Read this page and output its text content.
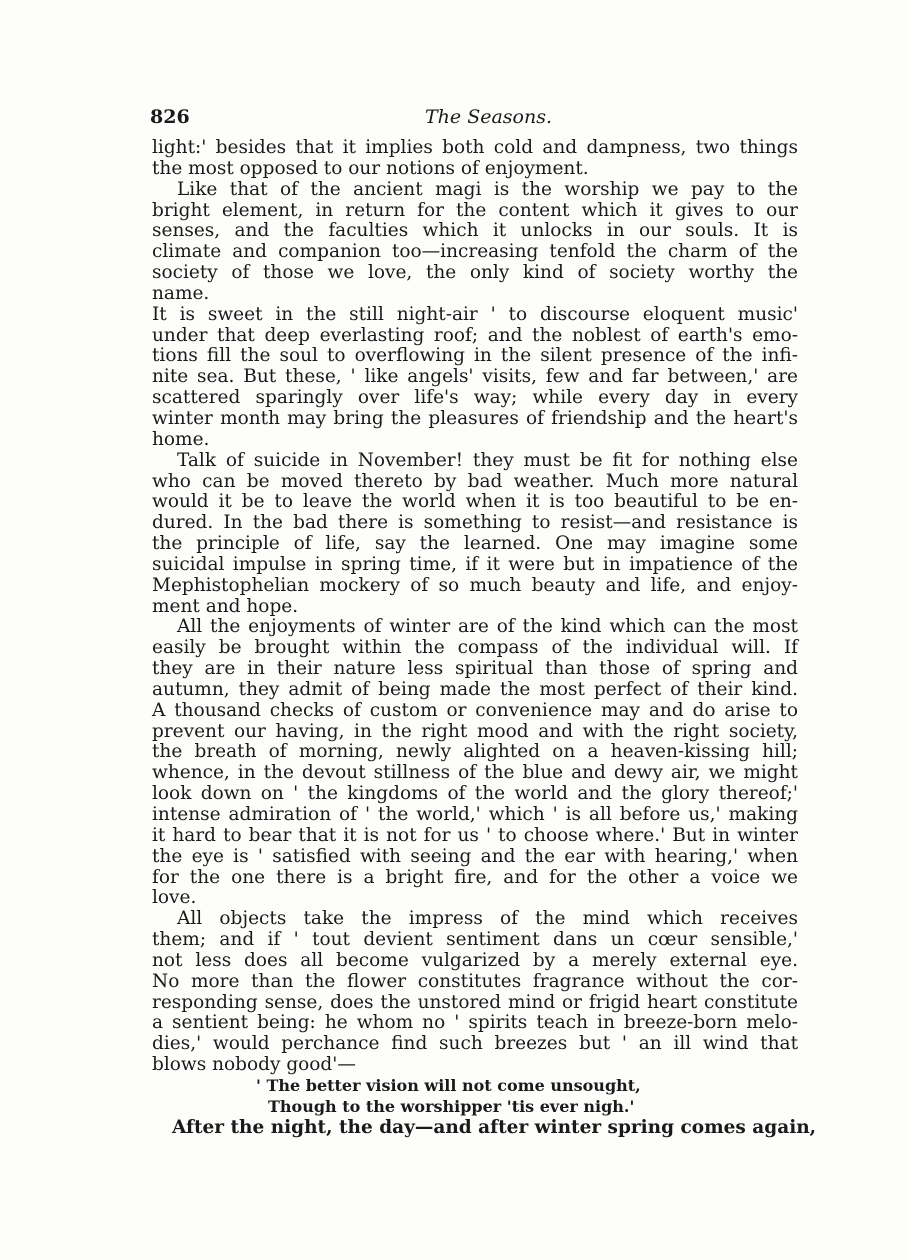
826	The Seasons.
light:' besides that it implies both cold and dampness, two things
the most opposed to our notions of enjoyment.
Like that of the ancient magi is the worship we pay to the
bright element, in return for the content which it gives to our
senses, and the faculties which it unlocks in our souls. It is
climate and companion too—increasing tenfold the charm of the
society of those we love, the only kind of society worthy the
name.
It is sweet in the still night-air ' to discourse eloquent music'
under that deep everlasting roof; and the noblest of earth's emo-
tions fill the soul to overflowing in the silent presence of the infi-
nite sea. But these, ' like angels' visits, few and far between,' are
scattered sparingly over life's way; while every day in every
winter month may bring the pleasures of friendship and the heart's
home.
Talk of suicide in November! they must be fit for nothing else
who can be moved thereto by bad weather. Much more natural
would it be to leave the world when it is too beautiful to be en-
dured. In the bad there is something to resist—and resistance is
the principle of life, say the learned. One may imagine some
suicidal impulse in spring time, if it were but in impatience of the
Mephistophelian mockery of so much beauty and life, and enjoy-
ment and hope.
All the enjoyments of winter are of the kind which can the most
easily be brought within the compass of the individual will. If
they are in their nature less spiritual than those of spring and
autumn, they admit of being made the most perfect of their kind.
A thousand checks of custom or convenience may and do arise to
prevent our having, in the right mood and with the right society,
the breath of morning, newly alighted on a heaven-kissing hill;
whence, in the devout stillness of the blue and dewy air, we might
look down on ' the kingdoms of the world and the glory thereof;'
intense admiration of ' the world,' which ' is all before us,' making
it hard to bear that it is not for us ' to choose where.' But in winter
the eye is ' satisfied with seeing and the ear with hearing,' when
for the one there is a bright fire, and for the other a voice we
love.
All objects take the impress of the mind which receives
them; and if ' tout devient sentiment dans un cœur sensible,'
not less does all become vulgarized by a merely external eye.
No more than the flower constitutes fragrance without the cor-
responding sense, does the unstored mind or frigid heart constitute
a sentient being: he whom no ' spirits teach in breeze-born melo-
dies,' would perchance find such breezes but ' an ill wind that
blows nobody good'—
' The better vision will not come unsought,
Though to the worshipper 'tis ever nigh.'
After the night, the day—and after winter spring comes again,
